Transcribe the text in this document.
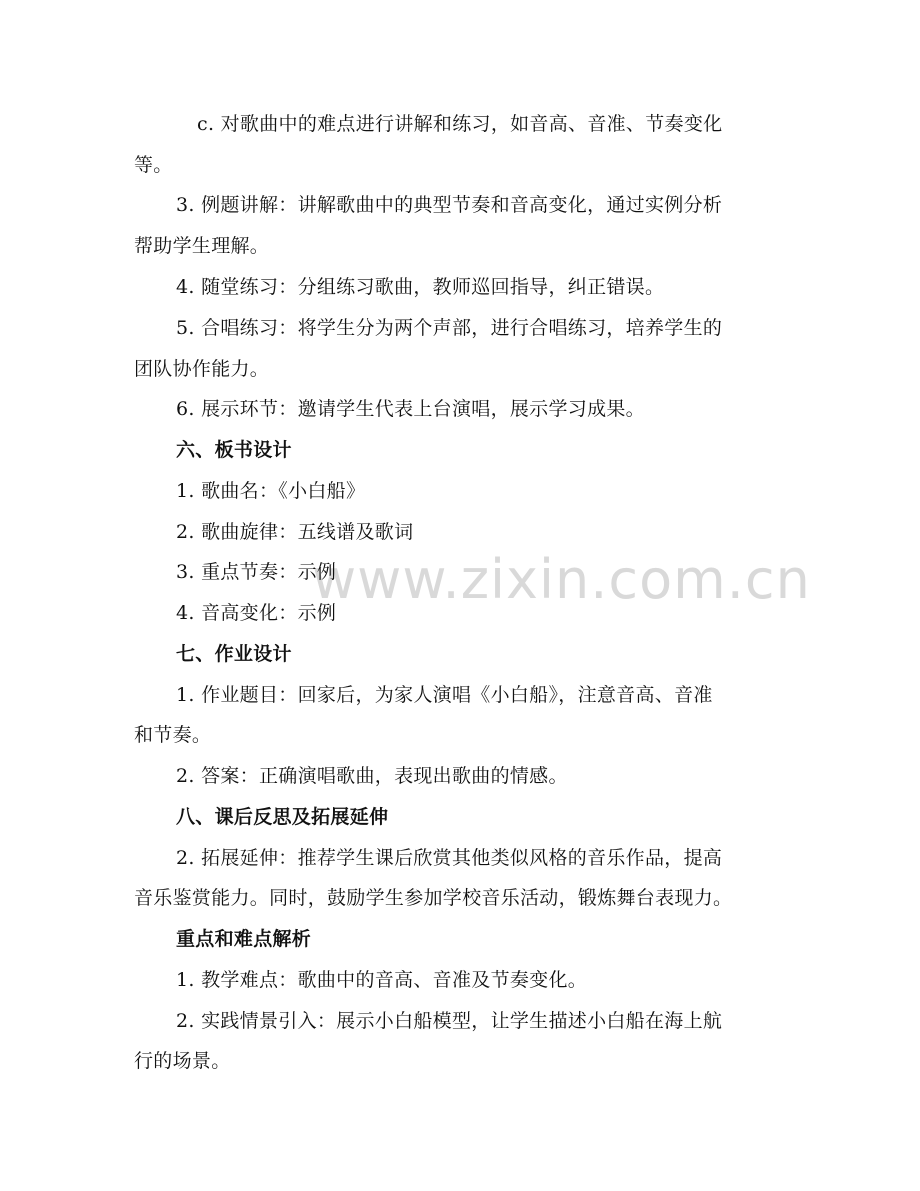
www.zixin.com.cn
c. 对歌曲中的难点进行讲解和练习，如音高、音准、节奏变化
等。
3. 例题讲解：讲解歌曲中的典型节奏和音高变化，通过实例分析
帮助学生理解。
4. 随堂练习：分组练习歌曲，教师巡回指导，纠正错误。
5. 合唱练习：将学生分为两个声部，进行合唱练习，培养学生的
团队协作能力。
6. 展示环节：邀请学生代表上台演唱，展示学习成果。
六、板书设计
1. 歌曲名：《小白船》
2. 歌曲旋律：五线谱及歌词
3. 重点节奏：示例
4. 音高变化：示例
七、作业设计
1. 作业题目：回家后，为家人演唱《小白船》，注意音高、音准
和节奏。
2. 答案：正确演唱歌曲，表现出歌曲的情感。
八、课后反思及拓展延伸
2. 拓展延伸：推荐学生课后欣赏其他类似风格的音乐作品，提高
音乐鉴赏能力。同时，鼓励学生参加学校音乐活动，锻炼舞台表现力。
重点和难点解析
1. 教学难点：歌曲中的音高、音准及节奏变化。
2. 实践情景引入：展示小白船模型，让学生描述小白船在海上航
行的场景。
